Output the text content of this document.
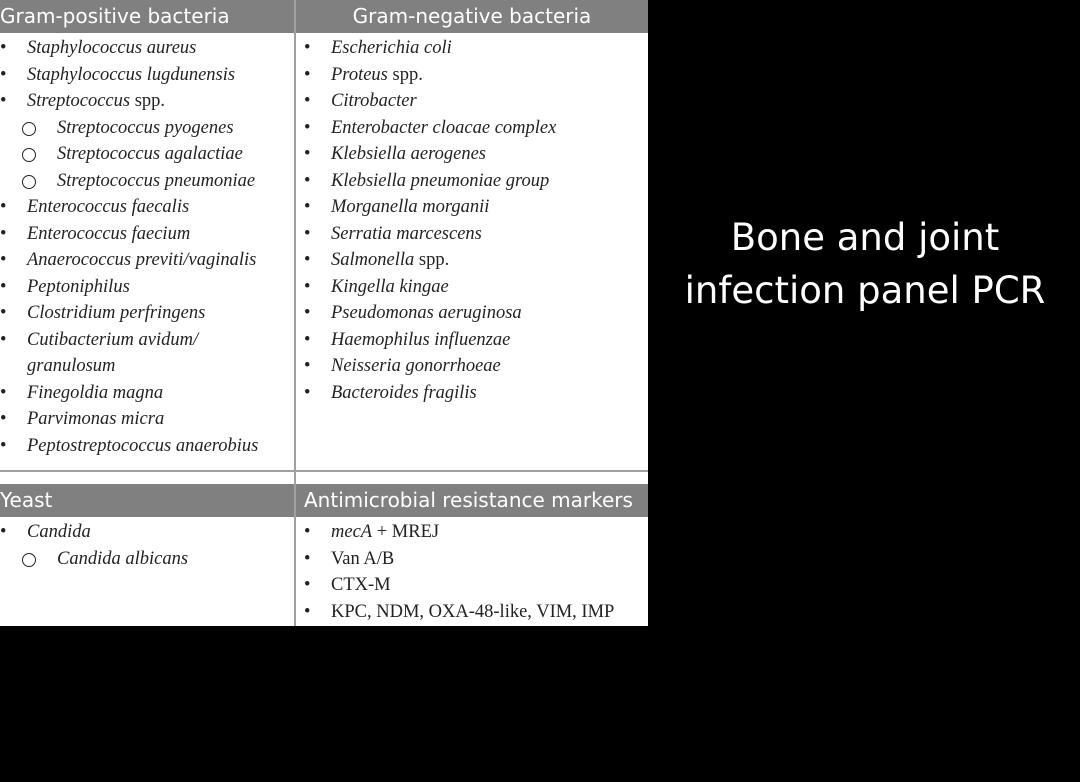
Gram-positive bacteria	Gram-negative bacteria
Yeast	Antimicrobial resistance markers
• Staphylococcus aureus
• Staphylococcus lugdunensis
• Streptococcus spp.
Streptococcus pyogenes
Streptococcus agalactiae
Streptococcus pneumoniae
• Enterococcus faecalis
• Enterococcus faecium
• Anaerococcus previti/vaginalis
• Peptoniphilus
• Clostridium perfringens
• Cutibacterium avidum/
granulosum
• Finegoldia magna
• Parvimonas micra
• Peptostreptococcus anaerobius
• Escherichia coli
• Proteus spp.
• Citrobacter
• Enterobacter cloacae complex
• Klebsiella aerogenes
• Klebsiella pneumoniae group
• Morganella morganii
• Serratia marcescens
• Salmonella spp.
• Kingella kingae
• Pseudomonas aeruginosa
• Haemophilus influenzae
• Neisseria gonorrhoeae
• Bacteroides fragilis
• Candida
Candida albicans
• mecA + MREJ
• Van A/B
• CTX-M
• KPC, NDM, OXA-48-like, VIM, IMP
Bone and joint
infection panel PCR
